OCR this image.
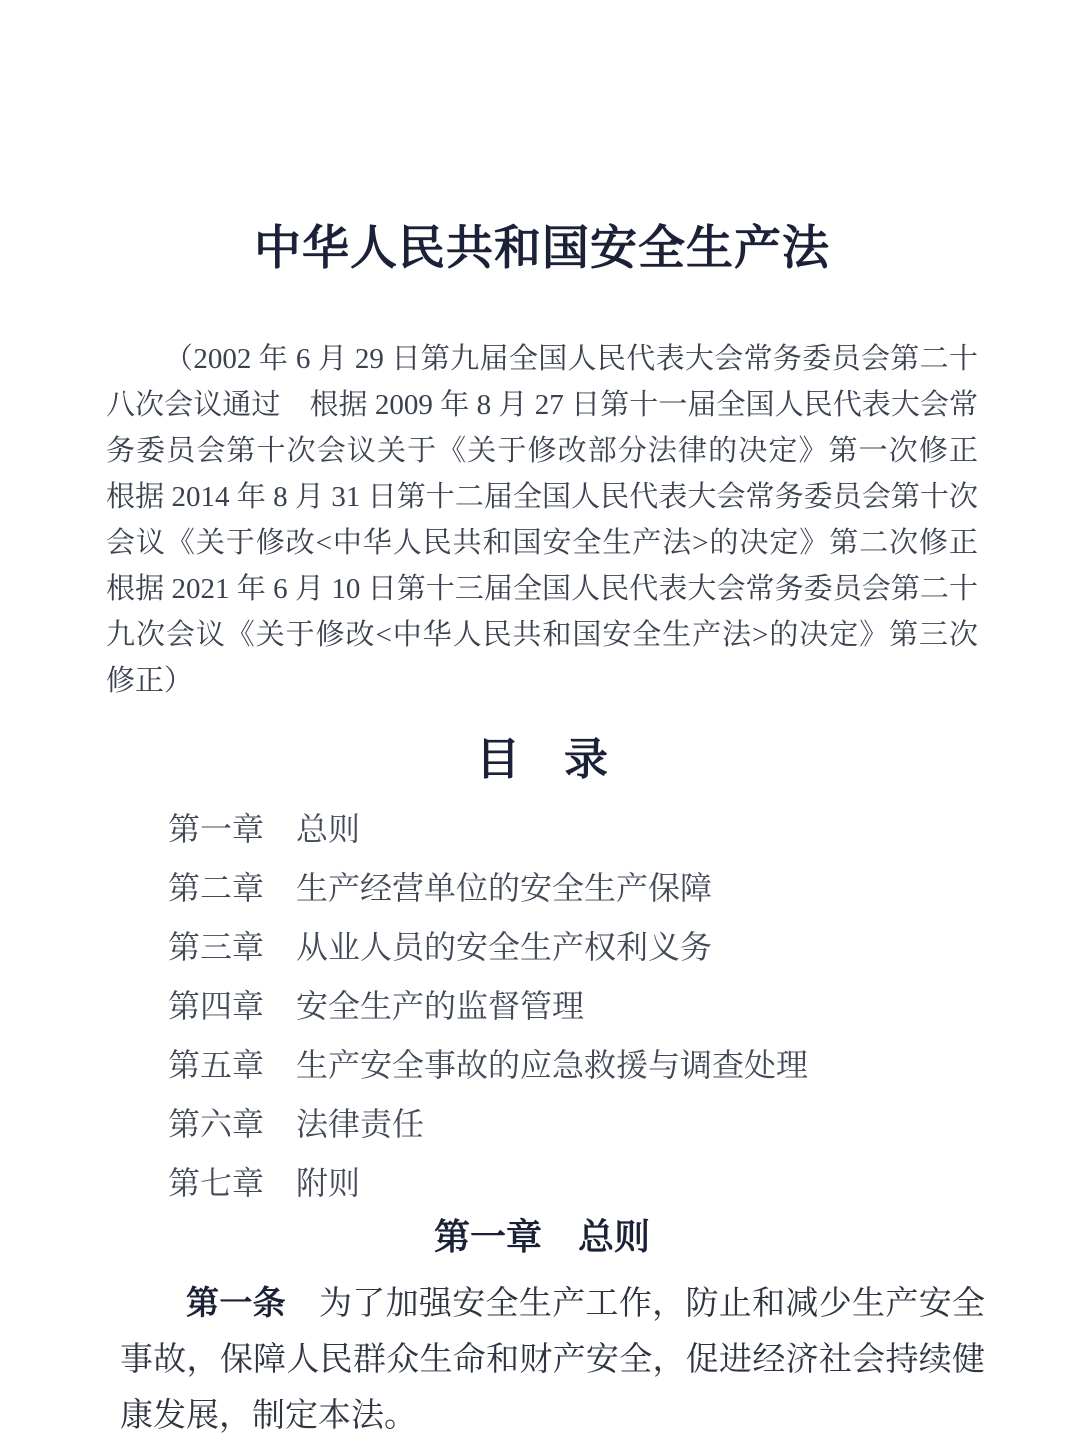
中华人民共和国安全生产法

（2002 年 6 月 29 日第九届全国人民代表大会常务委员会第二十八次会议通过　根据 2009 年 8 月 27 日第十一届全国人民代表大会常务委员会第十次会议关于《关于修改部分法律的决定》第一次修正　根据 2014 年 8 月 31 日第十二届全国人民代表大会常务委员会第十次会议《关于修改<中华人民共和国安全生产法>的决定》第二次修正 根据 2021 年 6 月 10 日第十三届全国人民代表大会常务委员会第二十九次会议《关于修改<中华人民共和国安全生产法>的决定》第三次修正）

目　录
第一章 总则
第二章 生产经营单位的安全生产保障
第三章 从业人员的安全生产权利义务
第四章 安全生产的监督管理
第五章 生产安全事故的应急救援与调查处理
第六章 法律责任
第七章 附则
第一章　总则

第一条 为了加强安全生产工作，防止和减少生产安全事故，保障人民群众生命和财产安全，促进经济社会持续健康发展，制定本法。
